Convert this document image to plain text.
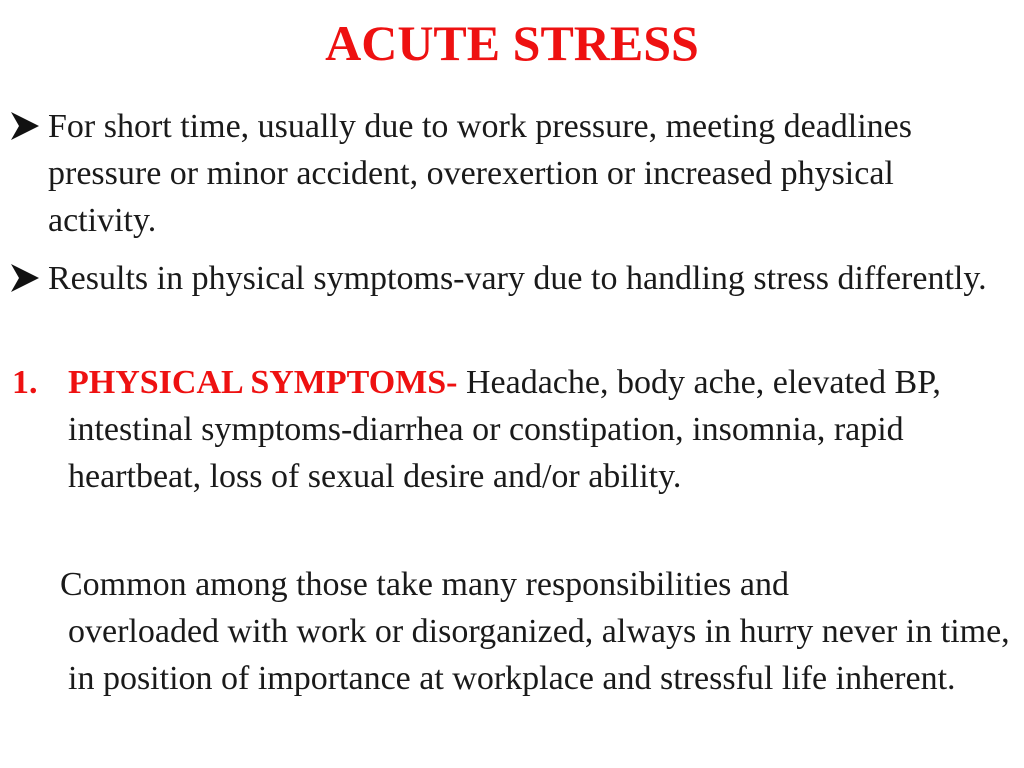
ACUTE STRESS
For short time, usually due to work pressure, meeting deadlines pressure or minor accident, overexertion or increased physical activity.
Results in physical symptoms-vary due to handling stress differently.
1. PHYSICAL SYMPTOMS- Headache, body ache, elevated BP, intestinal symptoms-diarrhea or constipation, insomnia, rapid heartbeat, loss of sexual desire and/or ability.
Common among those take many responsibilities and
overloaded with work or disorganized, always in hurry never in time, in position of importance at workplace and stressful life inherent.
